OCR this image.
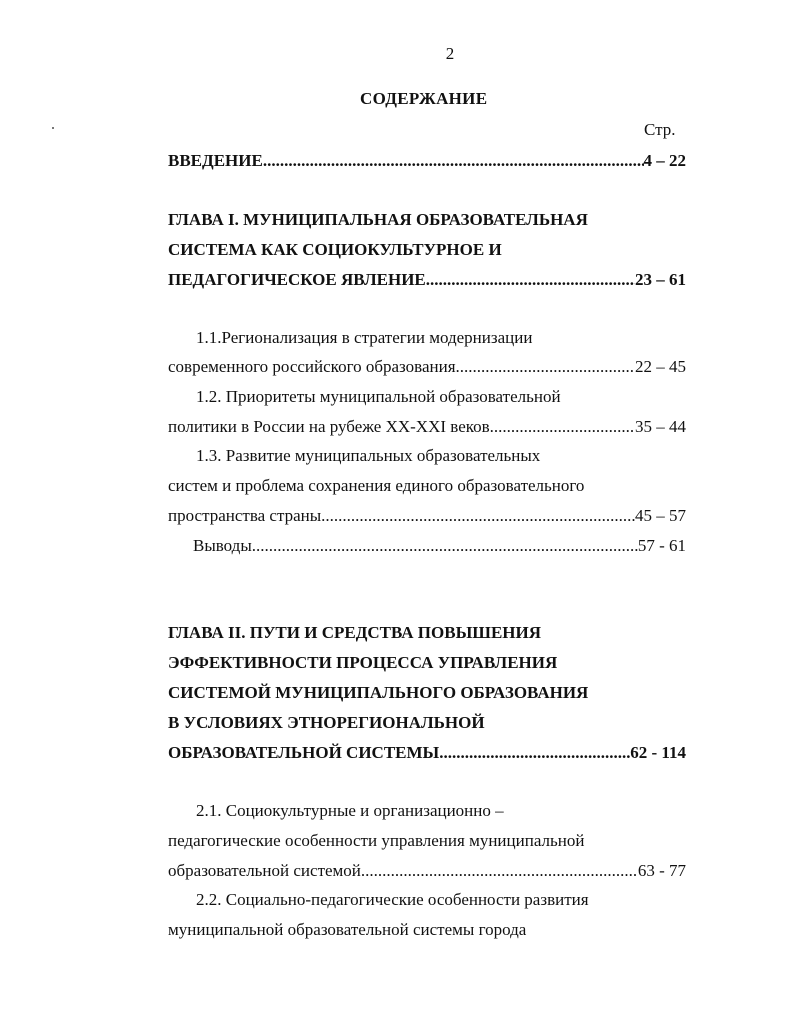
2
СОДЕРЖАНИЕ
Стр.
ВВЕДЕНИЕ .....	4 – 22
ГЛАВА I. МУНИЦИПАЛЬНАЯ ОБРАЗОВАТЕЛЬНАЯ
СИСТЕМА КАК СОЦИОКУЛЬТУРНОЕ И
ПЕДАГОГИЧЕСКОЕ ЯВЛЕНИЕ .....	23 – 61
1.1.Регионализация в стратегии модернизации
современного российского образования .....	22 – 45
1.2. Приоритеты муниципальной образовательной
политики в России на рубеже XX-XXI веков .....	35 – 44
1.3. Развитие муниципальных образовательных
систем и проблема сохранения единого образовательного
пространства страны .....	45 – 57
Выводы .....	57 - 61
ГЛАВА II. ПУТИ И СРЕДСТВА ПОВЫШЕНИЯ
ЭФФЕКТИВНОСТИ ПРОЦЕССА УПРАВЛЕНИЯ
СИСТЕМОЙ МУНИЦИПАЛЬНОГО ОБРАЗОВАНИЯ
В УСЛОВИЯХ ЭТНОРЕГИОНАЛЬНОЙ
ОБРАЗОВАТЕЛЬНОЙ СИСТЕМЫ .....	62 - 114
2.1. Социокультурные и организационно –
педагогические особенности управления муниципальной
образовательной системой .....	63 - 77
2.2. Социально-педагогические особенности развития
муниципальной образовательной системы города
